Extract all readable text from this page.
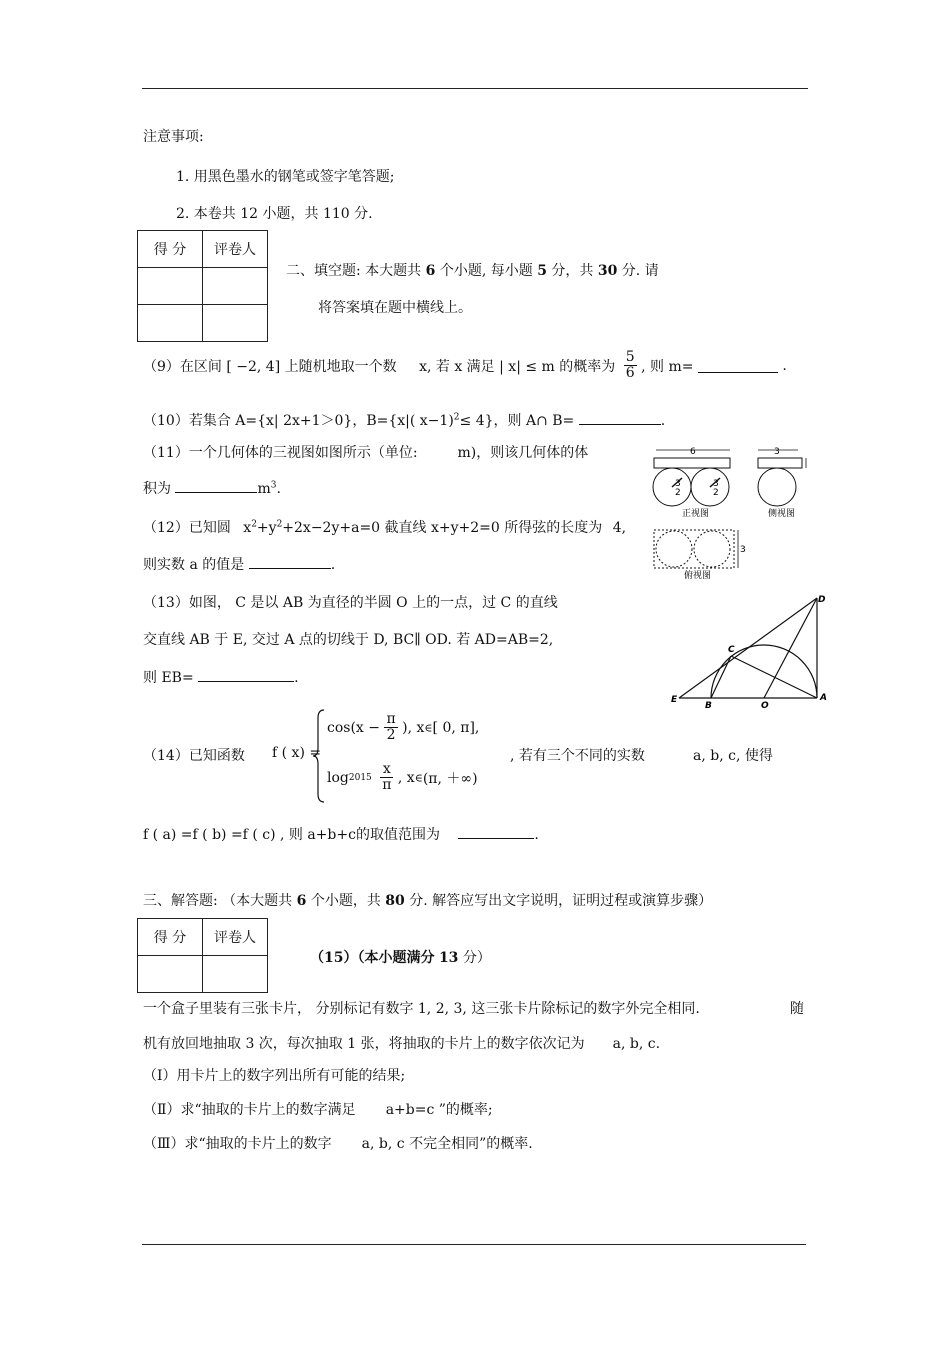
注意事项:
1. 用黑色墨水的钢笔或签字笔答题;
2. 本卷共 12 小题，共 110 分.
得 分	评卷人

二、填空题: 本大题共 6 个小题, 每小题 5 分，共 30 分. 请
将答案填在题中横线上。
（9）在区间 [ −2, 4] 上随机地取一个数 x, 若 x 满足 | x| ≤ m 的概率为 $\frac{5}{6}$ , 则 m=	.
（10）若集合 A={x| 2x+1＞0}，B={x|( x−1)$^2$≤ 4}，则 A∩ B=	.
（11）一个几何体的三视图如图所示（单位:	m)，则该几何体的体
积为	$m^3$.
（12）已知圆 $x^2+y^2+2x-2y+a=0$ 截直线 x+y+2=0 所得弦的长度为 4,
则实数 a 的值是	.
（13）如图， C 是以 AB 为直径的半圆 O 上的一点，过 C 的直线
交直线 AB 于 E, 交过 A 点的切线于 D, BC∥ OD. 若 AD=AB=2,
则 EB=	.
6
3
2
3
2
正视图
3
侧视图
3
俯视图
D
C
E
B	O
A
（14）已知函数 f ( x) =
$\cos(x - \frac{\pi}{2}$ ), x∈[ 0, π],
$\log 2015 \frac{x}{\pi}$ , x∈(π, ＋∞)
, 若有三个不同的实数	a, b, c, 使得
f ( a) =f ( b) =f ( c) , 则 a+b+c的取值范围为	.
三、解答题: （本大题共 6 个小题，共 80 分. 解答应写出文字说明，证明过程或演算步骤）
得 分	评卷人

（15）（本小题满分 13 分）
一个盒子里装有三张卡片， 分别标记有数字 1, 2, 3, 这三张卡片除标记的数字外完全相同.	随
机有放回地抽取 3 次，每次抽取 1 张，将抽取的卡片上的数字依次记为 a, b, c.
（Ⅰ）用卡片上的数字列出所有可能的结果;
（Ⅱ）求“抽取的卡片上的数字满足 a+b=c ”的概率;
（Ⅲ）求“抽取的卡片上的数字 a, b, c 不完全相同”的概率.
